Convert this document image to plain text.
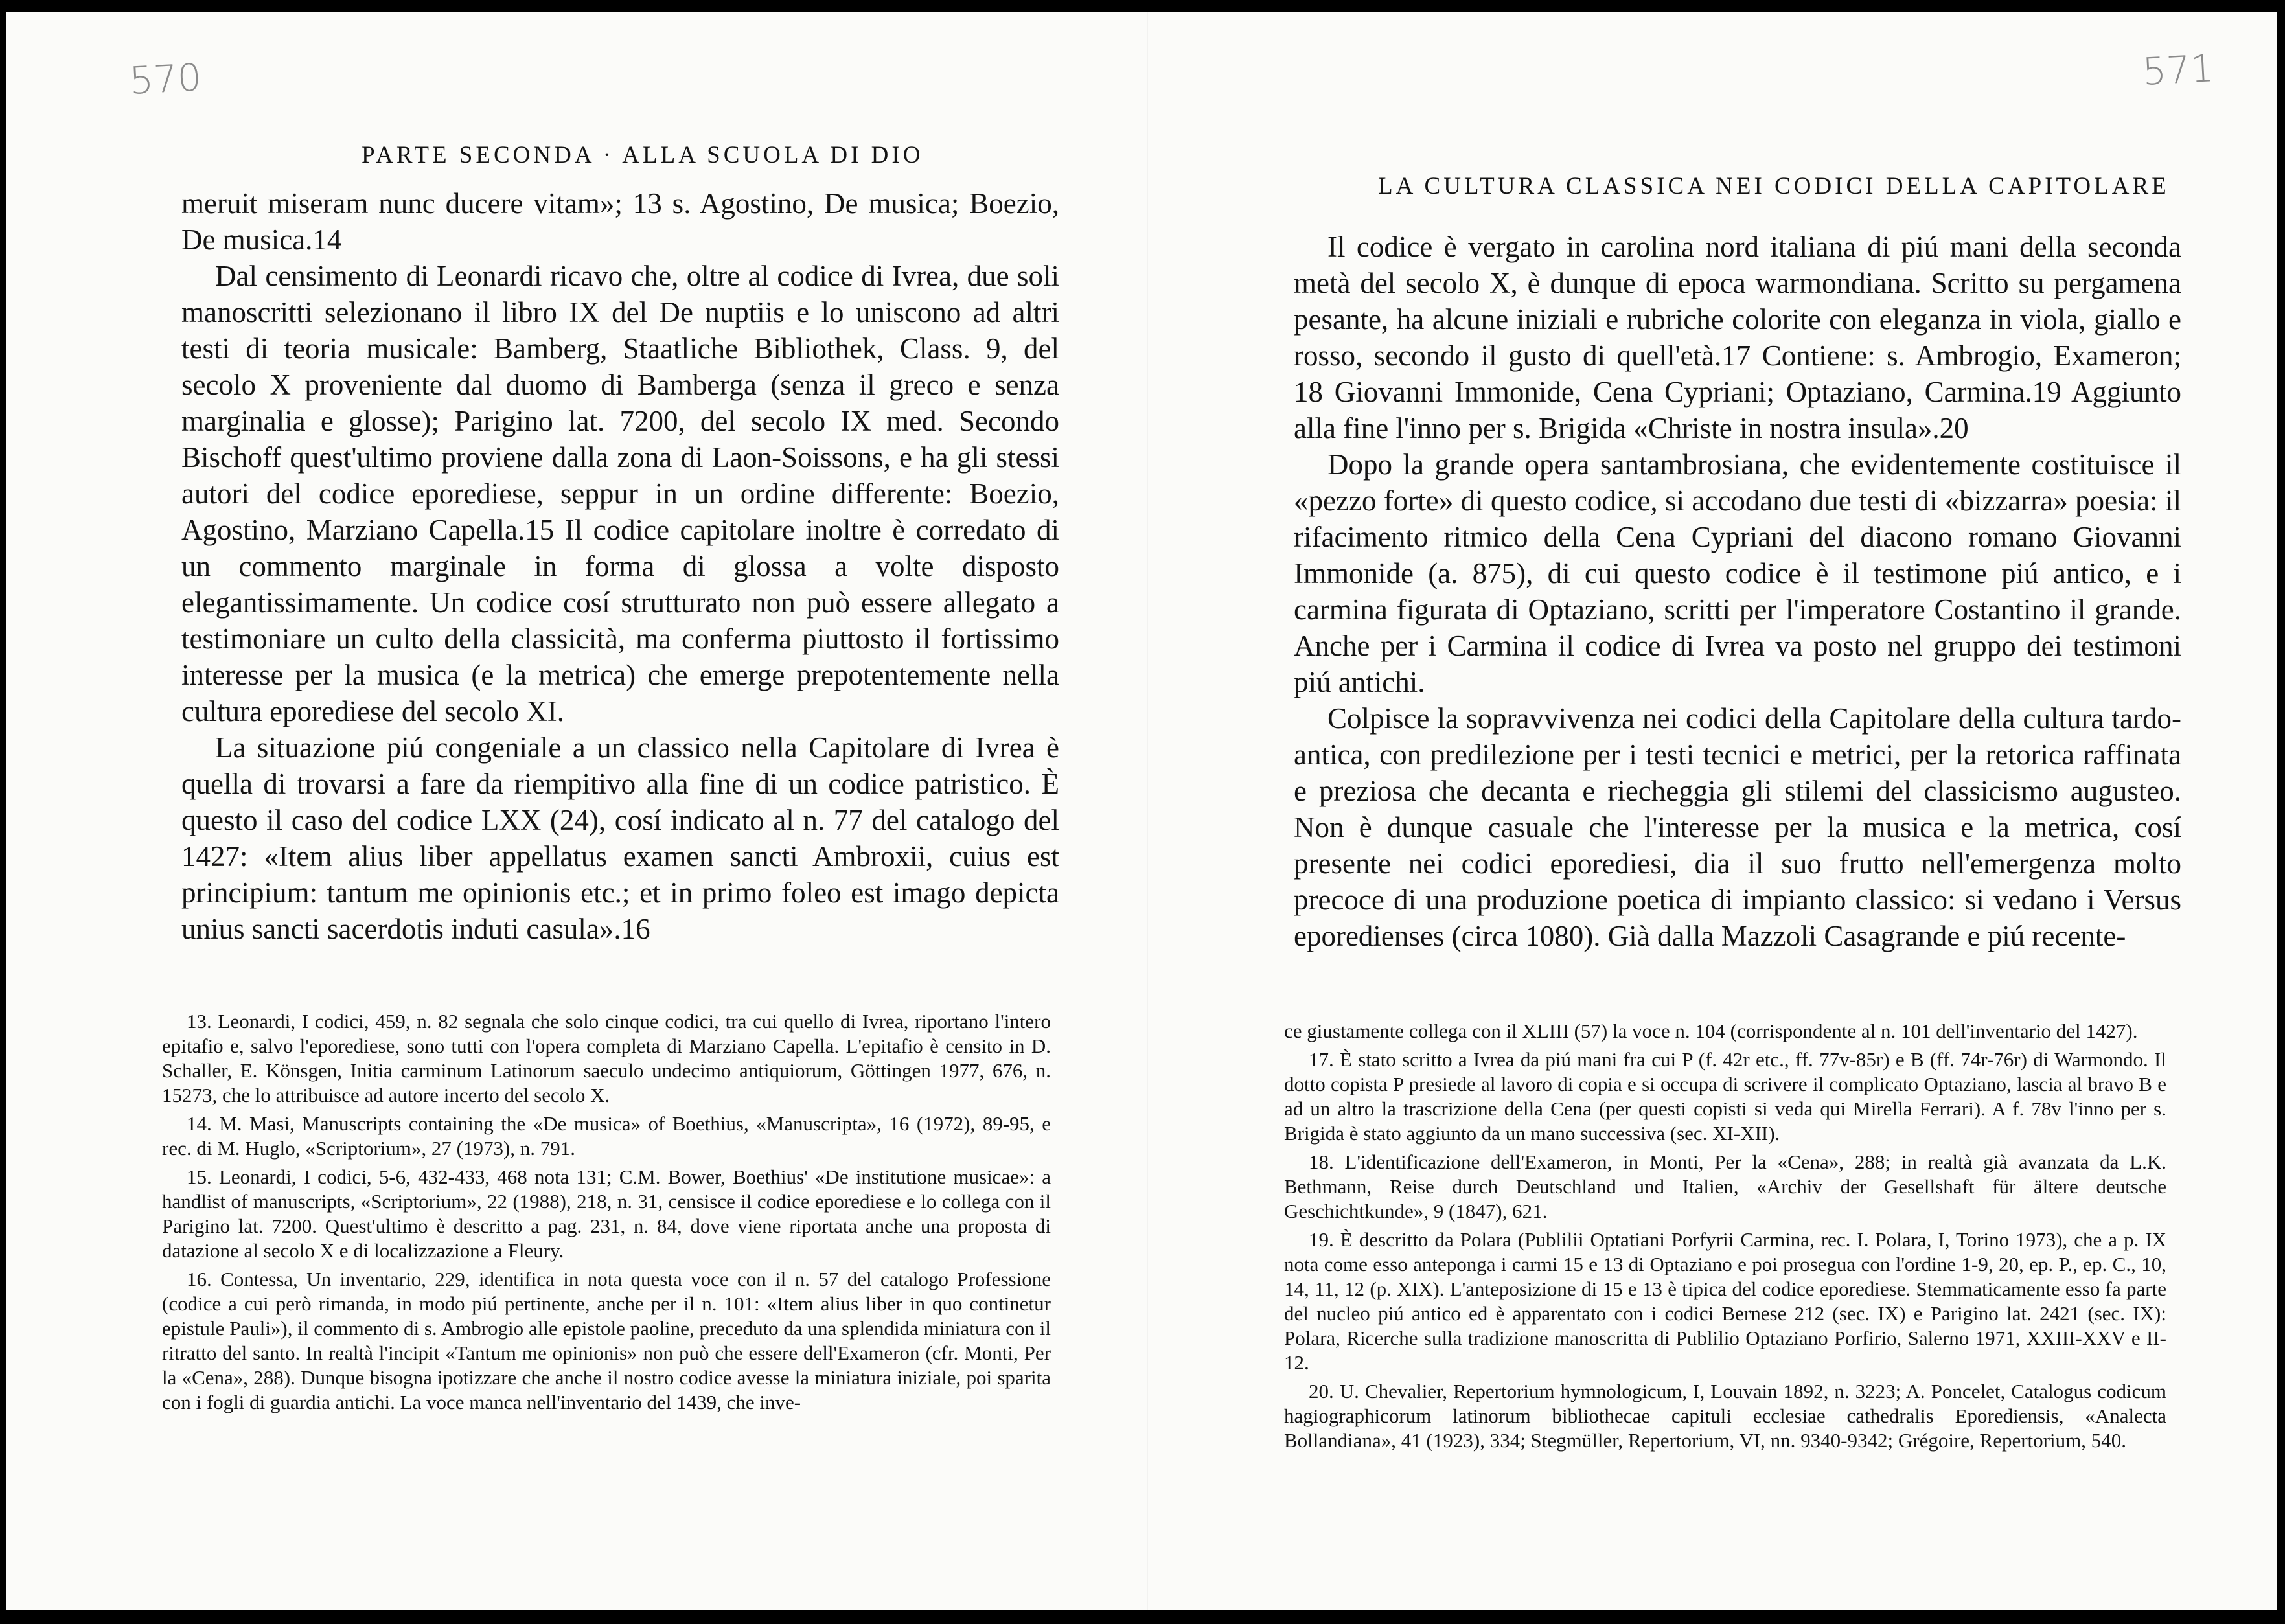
570
PARTE SECONDA · ALLA SCUOLA DI DIO

meruit miseram nunc ducere vitam»; 13 s. Agostino, De musica; Boezio, De musica.14

Dal censimento di Leonardi ricavo che, oltre al codice di Ivrea, due soli manoscritti selezionano il libro IX del De nuptiis e lo uniscono ad altri testi di teoria musicale: Bamberg, Staatliche Bibliothek, Class. 9, del secolo X proveniente dal duomo di Bamberga (senza il greco e senza marginalia e glosse); Parigino lat. 7200, del secolo IX med. Secondo Bischoff quest'ultimo proviene dalla zona di Laon-Soissons, e ha gli stessi autori del codice eporediese, seppur in un ordine differente: Boezio, Agostino, Marziano Capella.15 Il codice capitolare inoltre è corredato di un commento marginale in forma di glossa a volte disposto elegantissimamente. Un codice cosí strutturato non può essere allegato a testimoniare un culto della classicità, ma conferma piuttosto il fortissimo interesse per la musica (e la metrica) che emerge prepotentemente nella cultura eporediese del secolo XI.

La situazione piú congeniale a un classico nella Capitolare di Ivrea è quella di trovarsi a fare da riempitivo alla fine di un codice patristico. È questo il caso del codice LXX (24), cosí indicato al n. 77 del catalogo del 1427: «Item alius liber appellatus examen sancti Ambroxii, cuius est principium: tantum me opinionis etc.; et in primo foleo est imago depicta unius sancti sacerdotis induti casula».16

13. Leonardi, I codici, 459, n. 82 segnala che solo cinque codici, tra cui quello di Ivrea, riportano l'intero epitafio e, salvo l'eporediese, sono tutti con l'opera completa di Marziano Capella. L'epitafio è censito in D. Schaller, E. Könsgen, Initia carminum Latinorum saeculo undecimo antiquiorum, Göttingen 1977, 676, n. 15273, che lo attribuisce ad autore incerto del secolo X.

14. M. Masi, Manuscripts containing the «De musica» of Boethius, «Manuscripta», 16 (1972), 89-95, e rec. di M. Huglo, «Scriptorium», 27 (1973), n. 791.

15. Leonardi, I codici, 5-6, 432-433, 468 nota 131; C.M. Bower, Boethius' «De institutione musicae»: a handlist of manuscripts, «Scriptorium», 22 (1988), 218, n. 31, censisce il codice eporediese e lo collega con il Parigino lat. 7200. Quest'ultimo è descritto a pag. 231, n. 84, dove viene riportata anche una proposta di datazione al secolo X e di localizzazione a Fleury.

16. Contessa, Un inventario, 229, identifica in nota questa voce con il n. 57 del catalogo Professione (codice a cui però rimanda, in modo piú pertinente, anche per il n. 101: «Item alius liber in quo continetur epistule Pauli»), il commento di s. Ambrogio alle epistole paoline, preceduto da una splendida miniatura con il ritratto del santo. In realtà l'incipit «Tantum me opinionis» non può che essere dell'Exameron (cfr. Monti, Per la «Cena», 288). Dunque bisogna ipotizzare che anche il nostro codice avesse la miniatura iniziale, poi sparita con i fogli di guardia antichi. La voce manca nell'inventario del 1439, che inve-

571
LA CULTURA CLASSICA NEI CODICI DELLA CAPITOLARE

Il codice è vergato in carolina nord italiana di piú mani della seconda metà del secolo X, è dunque di epoca warmondiana. Scritto su pergamena pesante, ha alcune iniziali e rubriche colorite con eleganza in viola, giallo e rosso, secondo il gusto di quell'età.17 Contiene: s. Ambrogio, Exameron; 18 Giovanni Immonide, Cena Cypriani; Optaziano, Carmina.19 Aggiunto alla fine l'inno per s. Brigida «Christe in nostra insula».20

Dopo la grande opera santambrosiana, che evidentemente costituisce il «pezzo forte» di questo codice, si accodano due testi di «bizzarra» poesia: il rifacimento ritmico della Cena Cypriani del diacono romano Giovanni Immonide (a. 875), di cui questo codice è il testimone piú antico, e i carmina figurata di Optaziano, scritti per l'imperatore Costantino il grande. Anche per i Carmina il codice di Ivrea va posto nel gruppo dei testimoni piú antichi.

Colpisce la sopravvivenza nei codici della Capitolare della cultura tardo-antica, con predilezione per i testi tecnici e metrici, per la retorica raffinata e preziosa che decanta e riecheggia gli stilemi del classicismo augusteo. Non è dunque casuale che l'interesse per la musica e la metrica, cosí presente nei codici eporediesi, dia il suo frutto nell'emergenza molto precoce di una produzione poetica di impianto classico: si vedano i Versus eporedienses (circa 1080). Già dalla Mazzoli Casagrande e piú recente-

ce giustamente collega con il XLIII (57) la voce n. 104 (corrispondente al n. 101 dell'inventario del 1427).

17. È stato scritto a Ivrea da piú mani fra cui P (f. 42r etc., ff. 77v-85r) e B (ff. 74r-76r) di Warmondo. Il dotto copista P presiede al lavoro di copia e si occupa di scrivere il complicato Optaziano, lascia al bravo B e ad un altro la trascrizione della Cena (per questi copisti si veda qui Mirella Ferrari). A f. 78v l'inno per s. Brigida è stato aggiunto da un mano successiva (sec. XI-XII).

18. L'identificazione dell'Exameron, in Monti, Per la «Cena», 288; in realtà già avanzata da L.K. Bethmann, Reise durch Deutschland und Italien, «Archiv der Gesellshaft für ältere deutsche Geschichtkunde», 9 (1847), 621.

19. È descritto da Polara (Publilii Optatiani Porfyrii Carmina, rec. I. Polara, I, Torino 1973), che a p. IX nota come esso anteponga i carmi 15 e 13 di Optaziano e poi prosegua con l'ordine 1-9, 20, ep. P., ep. C., 10, 14, 11, 12 (p. XIX). L'anteposizione di 15 e 13 è tipica del codice eporediese. Stemmaticamente esso fa parte del nucleo piú antico ed è apparentato con i codici Bernese 212 (sec. IX) e Parigino lat. 2421 (sec. IX): Polara, Ricerche sulla tradizione manoscritta di Publilio Optaziano Porfirio, Salerno 1971, XXIII-XXV e II-12.

20. U. Chevalier, Repertorium hymnologicum, I, Louvain 1892, n. 3223; A. Poncelet, Catalogus codicum hagiographicorum latinorum bibliothecae capituli ecclesiae cathedralis Eporediensis, «Analecta Bollandiana», 41 (1923), 334; Stegmüller, Repertorium, VI, nn. 9340-9342; Grégoire, Repertorium, 540.
